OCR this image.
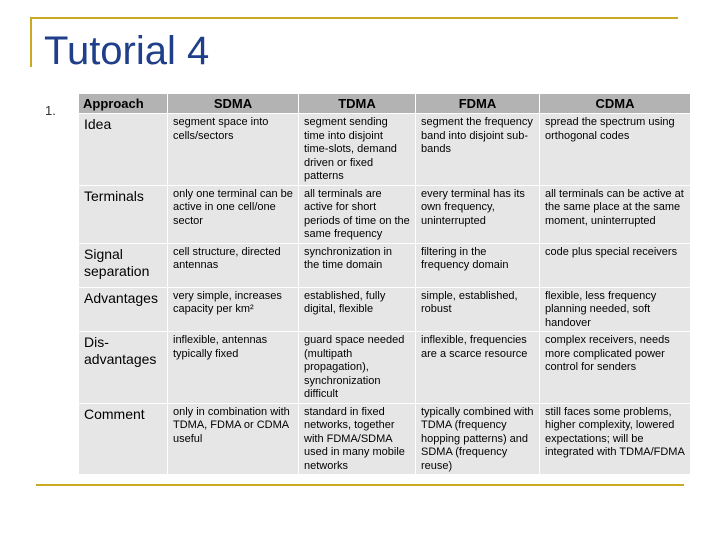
Tutorial 4
1. Approach	SDMA	TDMA	FDMA	CDMA
Idea	segment space into cells/sectors	segment sending time into disjoint time-slots, demand driven or fixed patterns	segment the frequency band into disjoint sub-bands	spread the spectrum using orthogonal codes
Terminals	only one terminal can be active in one cell/one sector	all terminals are active for short periods of time on the same frequency	every terminal has its own frequency, uninterrupted	all terminals can be active at the same place at the same moment, uninterrupted
Signal separation	cell structure, directed antennas	synchronization in the time domain	filtering in the frequency domain	code plus special receivers
Advantages	very simple, increases capacity per km²	established, fully digital, flexible	simple, established, robust	flexible, less frequency planning needed, soft handover
Dis-advantages	inflexible, antennas typically fixed	guard space needed (multipath propagation), synchronization difficult	inflexible, frequencies are a scarce resource	complex receivers, needs more complicated power control for senders
Comment	only in combination with TDMA, FDMA or CDMA useful	standard in fixed networks, together with FDMA/SDMA used in many mobile networks	typically combined with TDMA (frequency hopping patterns) and SDMA (frequency reuse)	still faces some problems, higher complexity, lowered expectations; will be integrated with TDMA/FDMA
